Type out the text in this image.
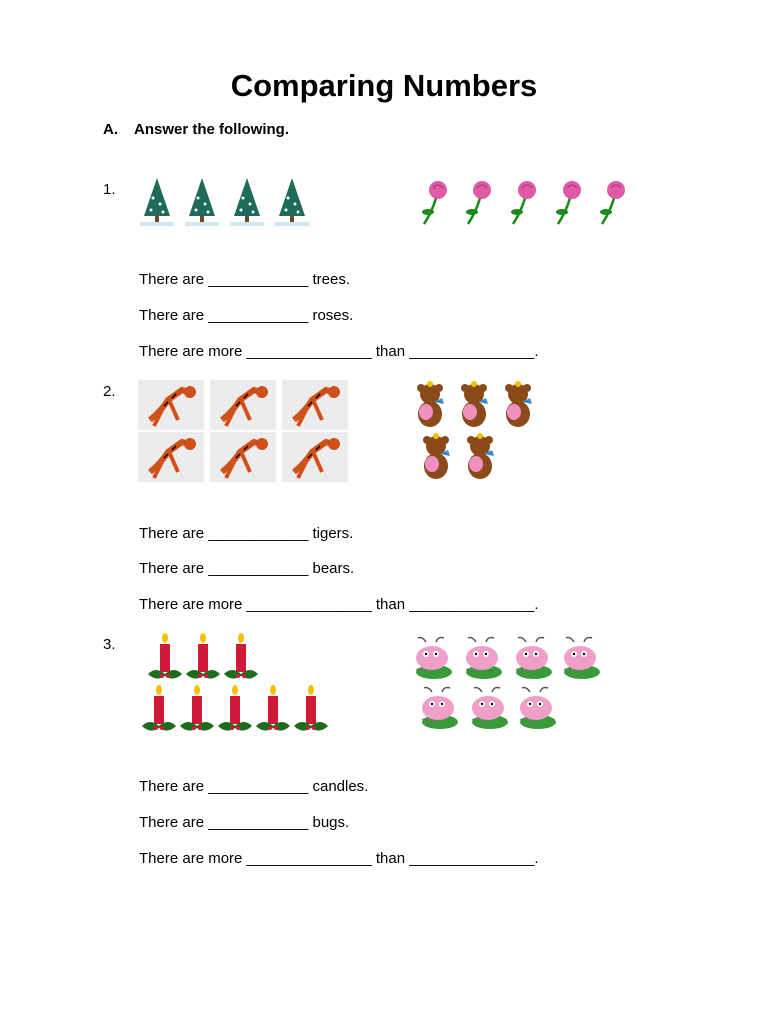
Comparing Numbers
A. Answer the following.
1.
There are ____________ trees.
There are ____________ roses.
There are more _______________ than _______________.
2.
There are ____________ tigers.
There are ____________ bears.
There are more _______________ than _______________.
3.
There are ____________ candles.
There are ____________ bugs.
There are more _______________ than _______________.
